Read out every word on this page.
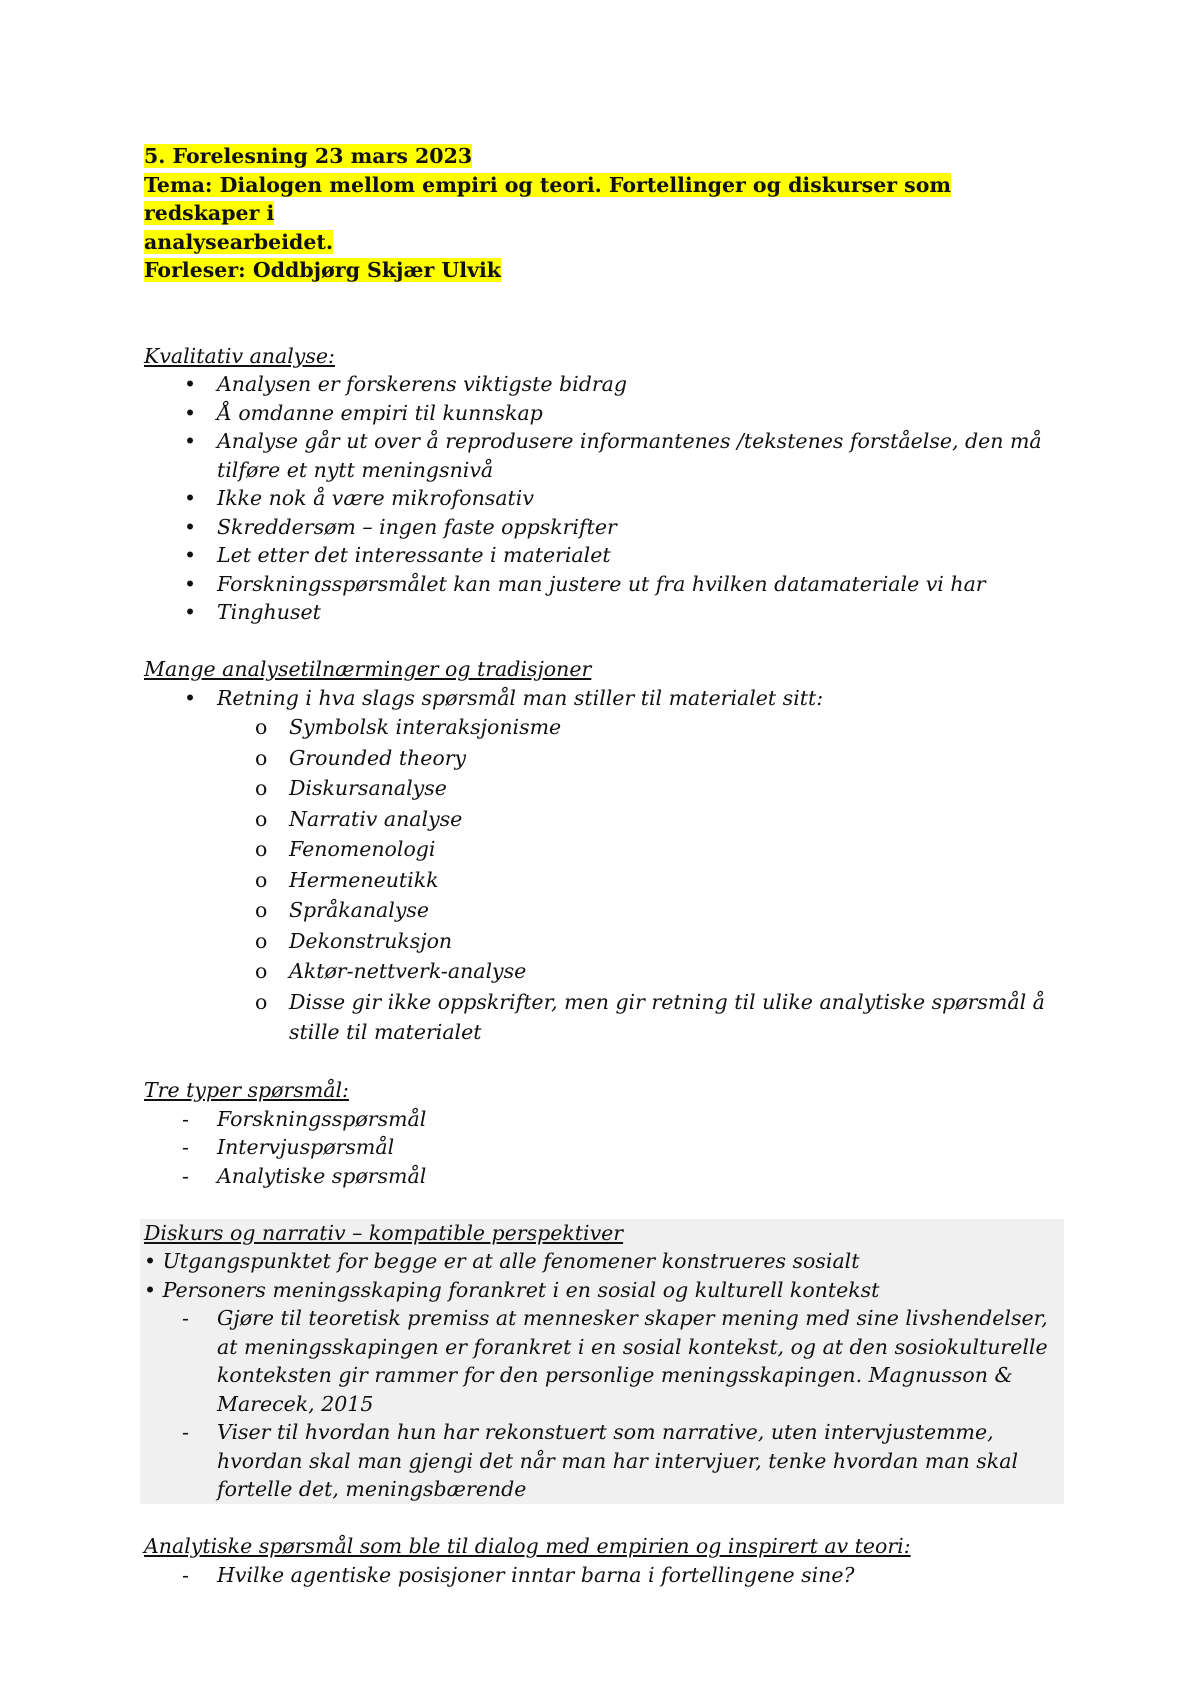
5. Forelesning 23 mars 2023
Tema: Dialogen mellom empiri og teori. Fortellinger og diskurser som redskaper i
analysearbeidet.
Forleser: Oddbjørg Skjær Ulvik

Kvalitativ analyse:

• Analysen er forskerens viktigste bidrag
• Å omdanne empiri til kunnskap
• Analyse går ut over å reprodusere informantenes /tekstenes forståelse, den må tilføre et nytt meningsnivå
• Ikke nok å være mikrofonsativ
• Skreddersøm – ingen faste oppskrifter
• Let etter det interessante i materialet
• Forskningsspørsmålet kan man justere ut fra hvilken datamateriale vi har
• Tinghuset

Mange analysetilnærminger og tradisjoner

• Retning i hva slags spørsmål man stiller til materialet sitt:
o Symbolsk interaksjonisme
o Grounded theory
o Diskursanalyse
o Narrativ analyse
o Fenomenologi
o Hermeneutikk
o Språkanalyse
o Dekonstruksjon
o Aktør-nettverk-analyse
o Disse gir ikke oppskrifter, men gir retning til ulike analytiske spørsmål å stille til materialet

Tre typer spørsmål:

- Forskningsspørsmål
- Intervjuspørsmål
- Analytiske spørsmål

Diskurs og narrativ – kompatible perspektiver

• Utgangspunktet for begge er at alle fenomener konstrueres sosialt
• Personers meningsskaping forankret i en sosial og kulturell kontekst
- Gjøre til teoretisk premiss at mennesker skaper mening med sine livshendelser, at meningsskapingen er forankret i en sosial kontekst, og at den sosiokulturelle konteksten gir rammer for den personlige meningsskapingen. Magnusson & Marecek, 2015
- Viser til hvordan hun har rekonstuert som narrative, uten intervjustemme, hvordan skal man gjengi det når man har intervjuer, tenke hvordan man skal fortelle det, meningsbærende

Analytiske spørsmål som ble til dialog med empirien og inspirert av teori:

- Hvilke agentiske posisjoner inntar barna i fortellingene sine?
